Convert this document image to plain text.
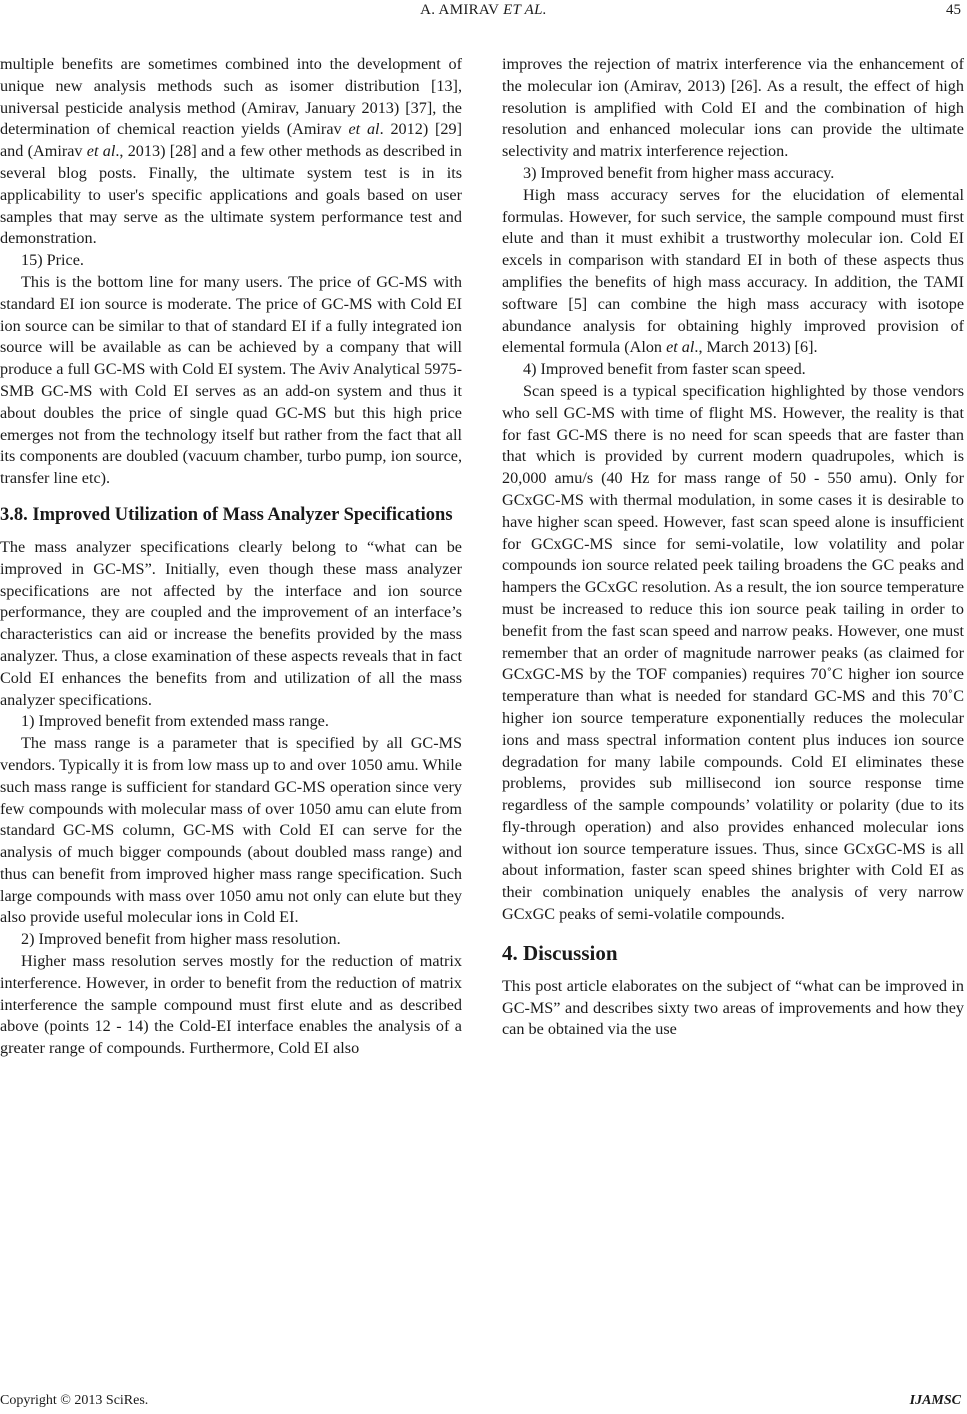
A. AMIRAV ET AL.	45

multiple benefits are sometimes combined into the development of unique new analysis methods such as isomer distribution [13], universal pesticide analysis method (Amirav, January 2013) [37], the determination of chemical reaction yields (Amirav et al. 2012) [29] and (Amirav et al., 2013) [28] and a few other methods as described in several blog posts. Finally, the ultimate system test is in its applicability to user's specific applications and goals based on user samples that may serve as the ultimate system performance test and demonstration.

15) Price.

This is the bottom line for many users. The price of GC-MS with standard EI ion source is moderate. The price of GC-MS with Cold EI ion source can be similar to that of standard EI if a fully integrated ion source will be available as can be achieved by a company that will produce a full GC-MS with Cold EI system. The Aviv Analytical 5975-SMB GC-MS with Cold EI serves as an add-on system and thus it about doubles the price of single quad GC-MS but this high price emerges not from the technology itself but rather from the fact that all its components are doubled (vacuum chamber, turbo pump, ion source, transfer line etc).

3.8. Improved Utilization of Mass Analyzer Specifications

The mass analyzer specifications clearly belong to “what can be improved in GC-MS”. Initially, even though these mass analyzer specifications are not affected by the interface and ion source performance, they are coupled and the improvement of an interface’s characteristics can aid or increase the benefits provided by the mass analyzer. Thus, a close examination of these aspects reveals that in fact Cold EI enhances the benefits from and utilization of all the mass analyzer specifications.

1) Improved benefit from extended mass range.

The mass range is a parameter that is specified by all GC-MS vendors. Typically it is from low mass up to and over 1050 amu. While such mass range is sufficient for standard GC-MS operation since very few compounds with molecular mass of over 1050 amu can elute from standard GC-MS column, GC-MS with Cold EI can serve for the analysis of much bigger compounds (about doubled mass range) and thus can benefit from improved higher mass range specification. Such large compounds with mass over 1050 amu not only can elute but they also provide useful molecular ions in Cold EI.

2) Improved benefit from higher mass resolution.

Higher mass resolution serves mostly for the reduction of matrix interference. However, in order to benefit from the reduction of matrix interference the sample compound must first elute and as described above (points 12 - 14) the Cold-EI interface enables the analysis of a greater range of compounds. Furthermore, Cold EI also

improves the rejection of matrix interference via the enhancement of the molecular ion (Amirav, 2013) [26]. As a result, the effect of high resolution is amplified with Cold EI and the combination of high resolution and enhanced molecular ions can provide the ultimate selectivity and matrix interference rejection.

3) Improved benefit from higher mass accuracy.

High mass accuracy serves for the elucidation of elemental formulas. However, for such service, the sample compound must first elute and than it must exhibit a trustworthy molecular ion. Cold EI excels in comparison with standard EI in both of these aspects thus amplifies the benefits of high mass accuracy. In addition, the TAMI software [5] can combine the high mass accuracy with isotope abundance analysis for obtaining highly improved provision of elemental formula (Alon et al., March 2013) [6].

4) Improved benefit from faster scan speed.

Scan speed is a typical specification highlighted by those vendors who sell GC-MS with time of flight MS. However, the reality is that for fast GC-MS there is no need for scan speeds that are faster than that which is provided by current modern quadrupoles, which is 20,000 amu/s (40 Hz for mass range of 50 - 550 amu). Only for GCxGC-MS with thermal modulation, in some cases it is desirable to have higher scan speed. However, fast scan speed alone is insufficient for GCxGC-MS since for semi-volatile, low volatility and polar compounds ion source related peek tailing broadens the GC peaks and hampers the GCxGC resolution. As a result, the ion source temperature must be increased to reduce this ion source peak tailing in order to benefit from the fast scan speed and narrow peaks. However, one must remember that an order of magnitude narrower peaks (as claimed for GCxGC-MS by the TOF companies) requires 70˚C higher ion source temperature than what is needed for standard GC-MS and this 70˚C higher ion source temperature exponentially reduces the molecular ions and mass spectral information content plus induces ion source degradation for many labile compounds. Cold EI eliminates these problems, provides sub millisecond ion source response time regardless of the sample compounds’ volatility or polarity (due to its fly-through operation) and also provides enhanced molecular ions without ion source temperature issues. Thus, since GCxGC-MS is all about information, faster scan speed shines brighter with Cold EI as their combination uniquely enables the analysis of very narrow GCxGC peaks of semi-volatile compounds.

4. Discussion

This post article elaborates on the subject of “what can be improved in GC-MS” and describes sixty two areas of improvements and how they can be obtained via the use

Copyright © 2013 SciRes.	IJAMSC
